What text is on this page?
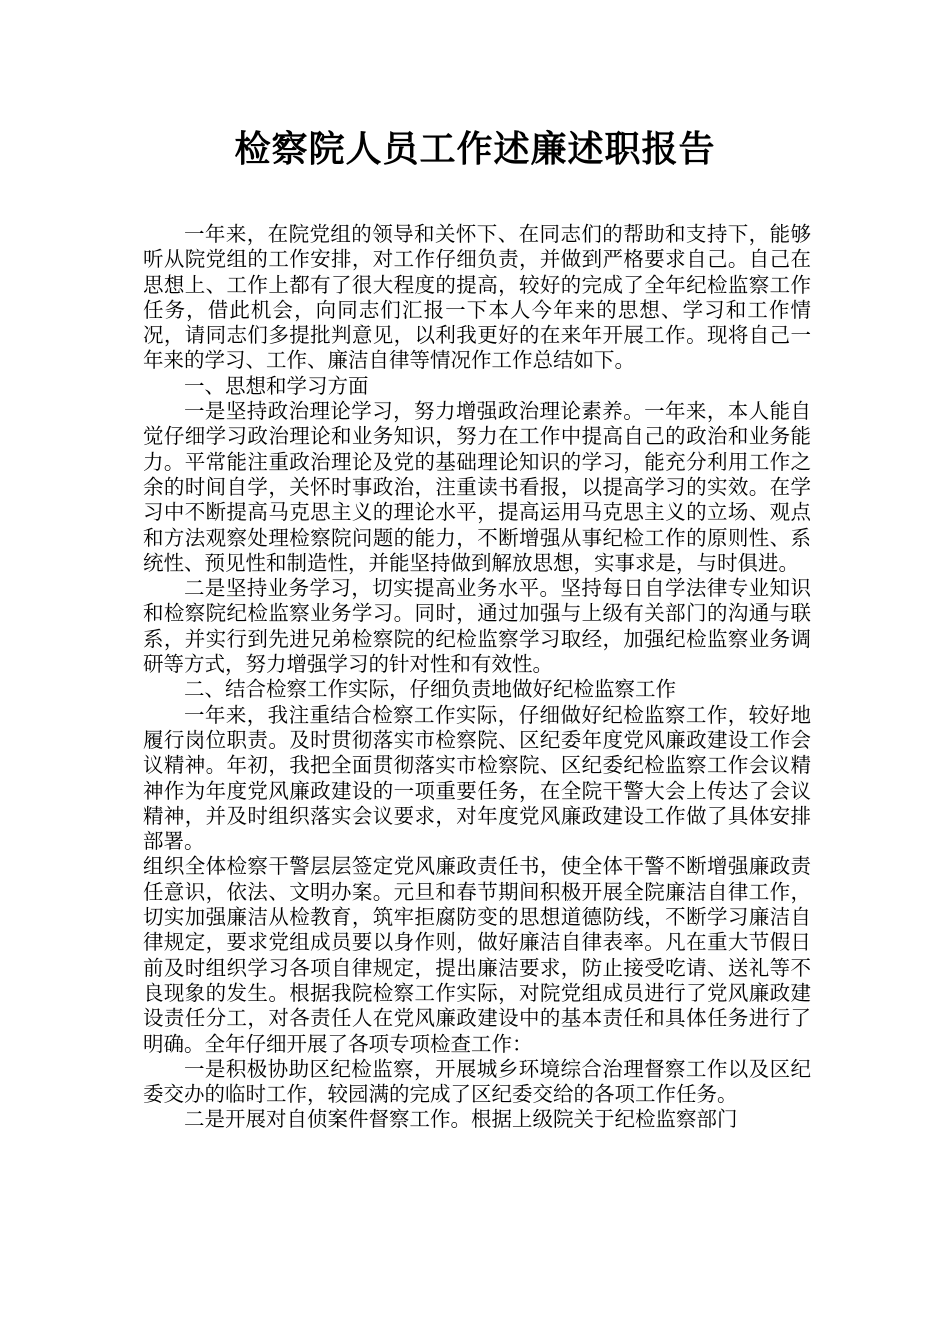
检察院人员工作述廉述职报告

一年来，在院党组的领导和关怀下、在同志们的帮助和支持下，能够听从院党组的工作安排，对工作仔细负责，并做到严格要求自己。自己在思想上、工作上都有了很大程度的提高，较好的完成了全年纪检监察工作任务，借此机会，向同志们汇报一下本人今年来的思想、学习和工作情况，请同志们多提批判意见，以利我更好的在来年开展工作。现将自己一年来的学习、工作、廉洁自律等情况作工作总结如下。

一、思想和学习方面

一是坚持政治理论学习，努力增强政治理论素养。一年来，本人能自觉仔细学习政治理论和业务知识，努力在工作中提高自己的政治和业务能力。平常能注重政治理论及党的基础理论知识的学习，能充分利用工作之余的时间自学，关怀时事政治，注重读书看报，以提高学习的实效。在学习中不断提高马克思主义的理论水平，提高运用马克思主义的立场、观点和方法观察处理检察院问题的能力，不断增强从事纪检工作的原则性、系统性、预见性和制造性，并能坚持做到解放思想，实事求是，与时俱进。

二是坚持业务学习，切实提高业务水平。坚持每日自学法律专业知识和检察院纪检监察业务学习。同时，通过加强与上级有关部门的沟通与联系，并实行到先进兄弟检察院的纪检监察学习取经，加强纪检监察业务调研等方式，努力增强学习的针对性和有效性。

二、结合检察工作实际，仔细负责地做好纪检监察工作

一年来，我注重结合检察工作实际，仔细做好纪检监察工作，较好地履行岗位职责。及时贯彻落实市检察院、区纪委年度党风廉政建设工作会议精神。年初，我把全面贯彻落实市检察院、区纪委纪检监察工作会议精神作为年度党风廉政建设的一项重要任务，在全院干警大会上传达了会议精神，并及时组织落实会议要求，对年度党风廉政建设工作做了具体安排部署。

组织全体检察干警层层签定党风廉政责任书，使全体干警不断增强廉政责任意识，依法、文明办案。元旦和春节期间积极开展全院廉洁自律工作，切实加强廉洁从检教育，筑牢拒腐防变的思想道德防线，不断学习廉洁自律规定，要求党组成员要以身作则，做好廉洁自律表率。凡在重大节假日前及时组织学习各项自律规定，提出廉洁要求，防止接受吃请、送礼等不良现象的发生。根据我院检察工作实际，对院党组成员进行了党风廉政建设责任分工，对各责任人在党风廉政建设中的基本责任和具体任务进行了明确。全年仔细开展了各项专项检查工作：

一是积极协助区纪检监察，开展城乡环境综合治理督察工作以及区纪委交办的临时工作，较园满的完成了区纪委交给的各项工作任务。

二是开展对自侦案件督察工作。根据上级院关于纪检监察部门
